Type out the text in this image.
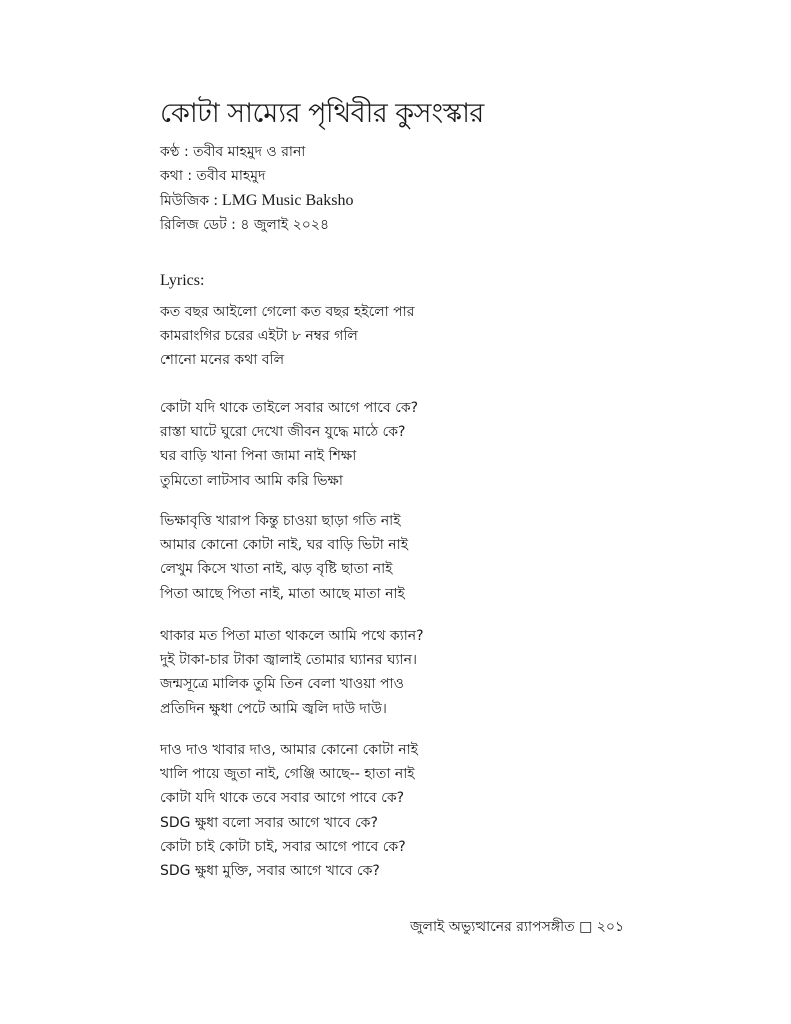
কোটা সাম্যের পৃথিবীর কুসংস্কার
কণ্ঠ : তবীব মাহমুদ ও রানা
কথা : তবীব মাহমুদ
মিউজিক : LMG Music Baksho
রিলিজ ডেট : ৪ জুলাই ২০২৪
Lyrics:
কত বছর আইলো গেলো কত বছর হইলো পার
কামরাংগির চরের এইটা ৮ নম্বর গলি
শোনো মনের কথা বলি
কোটা যদি থাকে তাইলে সবার আগে পাবে কে?
রাস্তা ঘাটে ঘুরো দেখো জীবন যুদ্ধে মাঠে কে?
ঘর বাড়ি খানা পিনা জামা নাই শিক্ষা
তুমিতো লাটসাব আমি করি ভিক্ষা
ভিক্ষাবৃত্তি খারাপ কিন্তু চাওয়া ছাড়া গতি নাই
আমার কোনো কোটা নাই, ঘর বাড়ি ভিটা নাই
লেখুম কিসে খাতা নাই, ঝড় বৃষ্টি ছাতা নাই
পিতা আছে পিতা নাই, মাতা আছে মাতা নাই
থাকার মত পিতা মাতা থাকলে আমি পথে ক্যান?
দুই টাকা-চার টাকা জ্বালাই তোমার ঘ্যানর ঘ্যান।
জন্মসূত্রে মালিক তুমি তিন বেলা খাওয়া পাও
প্রতিদিন ক্ষুধা পেটে আমি জ্বলি দাউ দাউ।
দাও দাও খাবার দাও, আমার কোনো কোটা নাই
খালি পায়ে জুতা নাই, গেঞ্জি আছে-- হাতা নাই
কোটা যদি থাকে তবে সবার আগে পাবে কে?
SDG ক্ষুধা বলো সবার আগে খাবে কে?
কোটা চাই কোটা চাই, সবার আগে পাবে কে?
SDG ক্ষুধা মুক্তি, সবার আগে খাবে কে?
জুলাই অভ্যুত্থানের র‍্যাপসঙ্গীত □ ২০১
